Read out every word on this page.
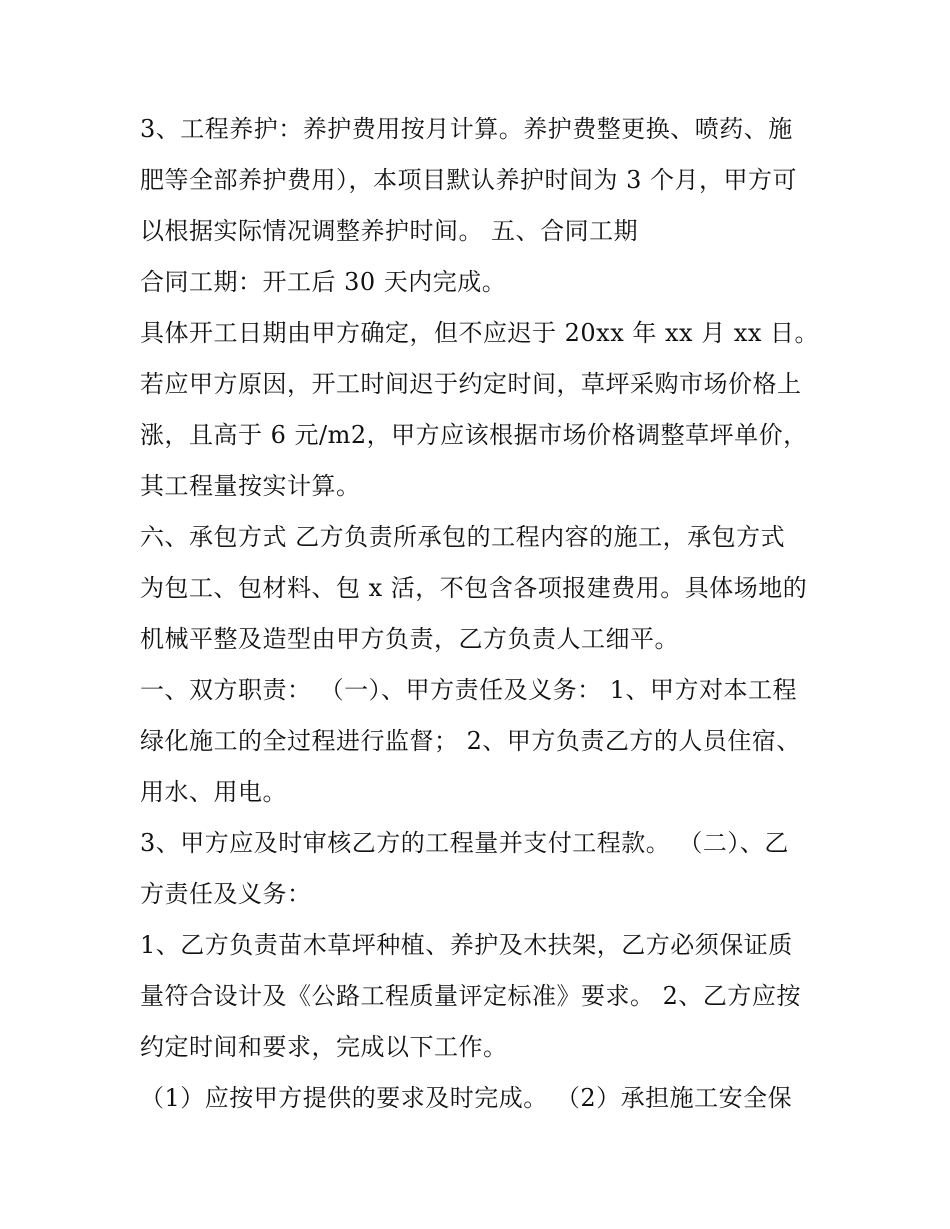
3、工程养护：养护费用按月计算。养护费整更换、喷药、施
肥等全部养护费用），本项目默认养护时间为 3 个月，甲方可
以根据实际情况调整养护时间。 五、合同工期
合同工期：开工后 30 天内完成。
具体开工日期由甲方确定，但不应迟于 20xx 年 xx 月 xx 日。
若应甲方原因，开工时间迟于约定时间，草坪采购市场价格上
涨，且高于 6 元/m2，甲方应该根据市场价格调整草坪单价，
其工程量按实计算。
六、承包方式 乙方负责所承包的工程内容的施工，承包方式
为包工、包材料、包 x 活，不包含各项报建费用。具体场地的
机械平整及造型由甲方负责，乙方负责人工细平。
一、双方职责： （一）、甲方责任及义务： 1、甲方对本工程
绿化施工的全过程进行监督； 2、甲方负责乙方的人员住宿、
用水、用电。
3、甲方应及时审核乙方的工程量并支付工程款。 （二）、乙
方责任及义务：
1、乙方负责苗木草坪种植、养护及木扶架，乙方必须保证质
量符合设计及《公路工程质量评定标准》要求。 2、乙方应按
约定时间和要求，完成以下工作。
（1）应按甲方提供的要求及时完成。 （2）承担施工安全保
